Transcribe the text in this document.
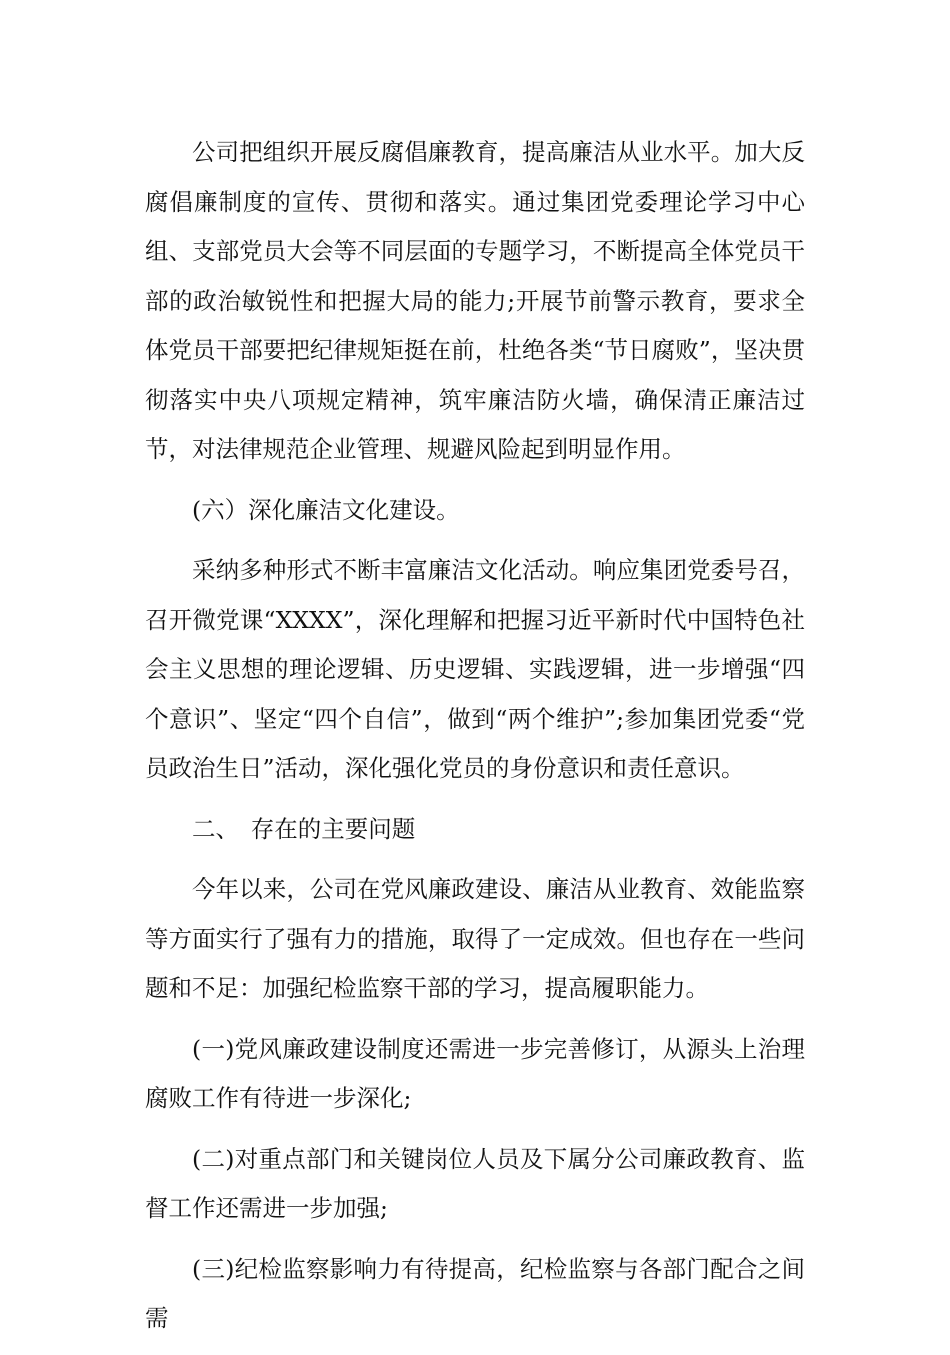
公司把组织开展反腐倡廉教育，提高廉洁从业水平。加大反腐倡廉制度的宣传、贯彻和落实。通过集团党委理论学习中心组、支部党员大会等不同层面的专题学习，不断提高全体党员干部的政治敏锐性和把握大局的能力;开展节前警示教育，要求全体党员干部要把纪律规矩挺在前，杜绝各类“节日腐败”，坚决贯彻落实中央八项规定精神，筑牢廉洁防火墙，确保清正廉洁过节，对法律规范企业管理、规避风险起到明显作用。

(六）深化廉洁文化建设。

采纳多种形式不断丰富廉洁文化活动。响应集团党委号召，召开微党课“XXXX”，深化理解和把握习近平新时代中国特色社会主义思想的理论逻辑、历史逻辑、实践逻辑，进一步增强“四个意识”、坚定“四个自信”，做到“两个维护”;参加集团党委“党员政治生日”活动，深化强化党员的身份意识和责任意识。

二、　存在的主要问题

今年以来，公司在党风廉政建设、廉洁从业教育、效能监察等方面实行了强有力的措施，取得了一定成效。但也存在一些问题和不足：加强纪检监察干部的学习，提高履职能力。

(一)党风廉政建设制度还需进一步完善修订，从源头上治理腐败工作有待进一步深化;

(二)对重点部门和关键岗位人员及下属分公司廉政教育、监督工作还需进一步加强;

(三)纪检监察影响力有待提高，纪检监察与各部门配合之间需
